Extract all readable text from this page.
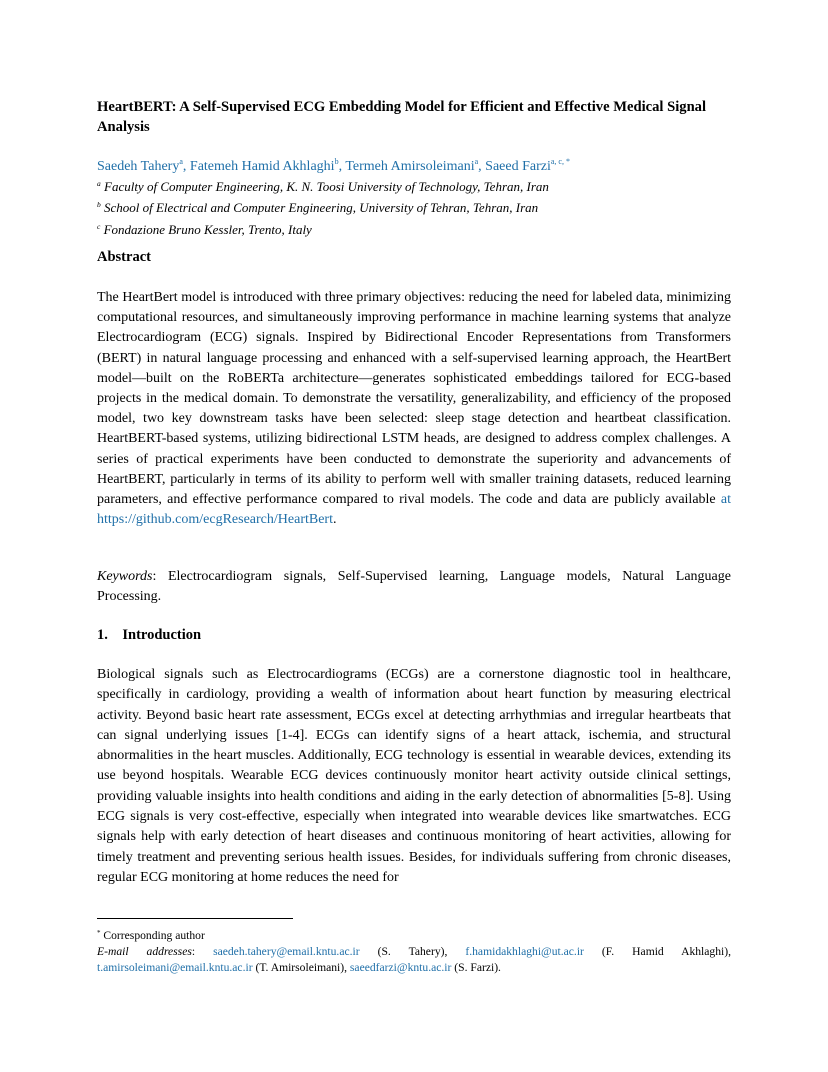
HeartBERT: A Self-Supervised ECG Embedding Model for Efficient and Effective Medical Signal Analysis
Saedeh Tahery$^a$, Fatemeh Hamid Akhlaghi$^b$, Termeh Amirsoleimani$^a$, Saeed Farzi$^{a, c, *}$
$^a$ Faculty of Computer Engineering, K. N. Toosi University of Technology, Tehran, Iran
$^b$ School of Electrical and Computer Engineering, University of Tehran, Tehran, Iran
$^c$ Fondazione Bruno Kessler, Trento, Italy
Abstract

The HeartBert model is introduced with three primary objectives: reducing the need for labeled data, minimizing computational resources, and simultaneously improving performance in machine learning systems that analyze Electrocardiogram (ECG) signals. Inspired by Bidirectional Encoder Representations from Transformers (BERT) in natural language processing and enhanced with a self-supervised learning approach, the HeartBert model—built on the RoBERTa architecture—generates sophisticated embeddings tailored for ECG-based projects in the medical domain. To demonstrate the versatility, generalizability, and efficiency of the proposed model, two key downstream tasks have been selected: sleep stage detection and heartbeat classification. HeartBERT-based systems, utilizing bidirectional LSTM heads, are designed to address complex challenges. A series of practical experiments have been conducted to demonstrate the superiority and advancements of HeartBERT, particularly in terms of its ability to perform well with smaller training datasets, reduced learning parameters, and effective performance compared to rival models. The code and data are publicly available at https://github.com/ecgResearch/HeartBert.

Keywords: Electrocardiogram signals, Self-Supervised learning, Language models, Natural Language Processing.

1. Introduction

Biological signals such as Electrocardiograms (ECGs) are a cornerstone diagnostic tool in healthcare, specifically in cardiology, providing a wealth of information about heart function by measuring electrical activity. Beyond basic heart rate assessment, ECGs excel at detecting arrhythmias and irregular heartbeats that can signal underlying issues [1-4]. ECGs can identify signs of a heart attack, ischemia, and structural abnormalities in the heart muscles. Additionally, ECG technology is essential in wearable devices, extending its use beyond hospitals. Wearable ECG devices continuously monitor heart activity outside clinical settings, providing valuable insights into health conditions and aiding in the early detection of abnormalities [5-8]. Using ECG signals is very cost-effective, especially when integrated into wearable devices like smartwatches. ECG signals help with early detection of heart diseases and continuous monitoring of heart activities, allowing for timely treatment and preventing serious health issues. Besides, for individuals suffering from chronic diseases, regular ECG monitoring at home reduces the need for

* Corresponding author

E-mail addresses: saedeh.tahery@email.kntu.ac.ir (S. Tahery), f.hamidakhlaghi@ut.ac.ir (F. Hamid Akhlaghi), t.amirsoleimani@email.kntu.ac.ir (T. Amirsoleimani), saeedfarzi@kntu.ac.ir (S. Farzi).
